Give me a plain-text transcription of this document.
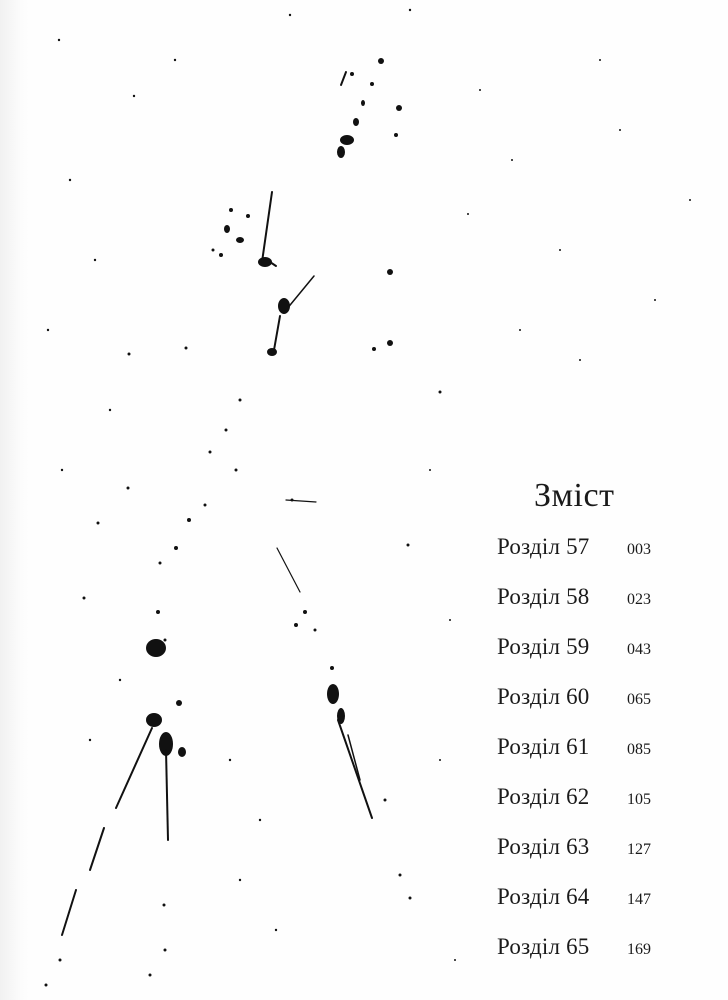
Зміст
Розділ 57	003
Розділ 58	023
Розділ 59	043
Розділ 60	065
Розділ 61	085
Розділ 62	105
Розділ 63	127
Розділ 64	147
Розділ 65	169
